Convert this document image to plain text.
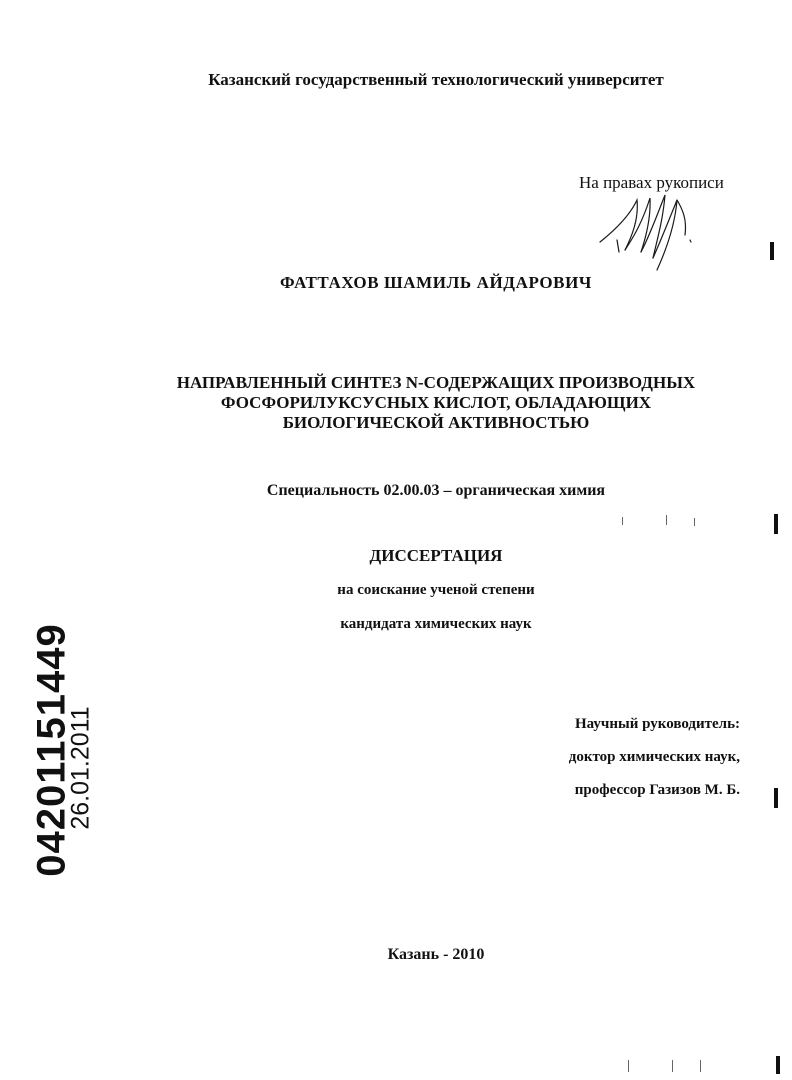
Казанский государственный технологический университет
На правах рукописи
ФАТТАХОВ ШАМИЛЬ АЙДАРОВИЧ
НАПРАВЛЕННЫЙ СИНТЕЗ N-СОДЕРЖАЩИХ ПРОИЗВОДНЫХ
ФОСФОРИЛУКСУСНЫХ КИСЛОТ, ОБЛАДАЮЩИХ
БИОЛОГИЧЕСКОЙ АКТИВНОСТЬЮ
Специальность 02.00.03 – органическая химия
ДИССЕРТАЦИЯ
на соискание ученой степени
кандидата химических наук
04201151449
26.01.2011	Научный руководитель:
доктор химических наук,
профессор Газизов М. Б.
Казань - 2010
